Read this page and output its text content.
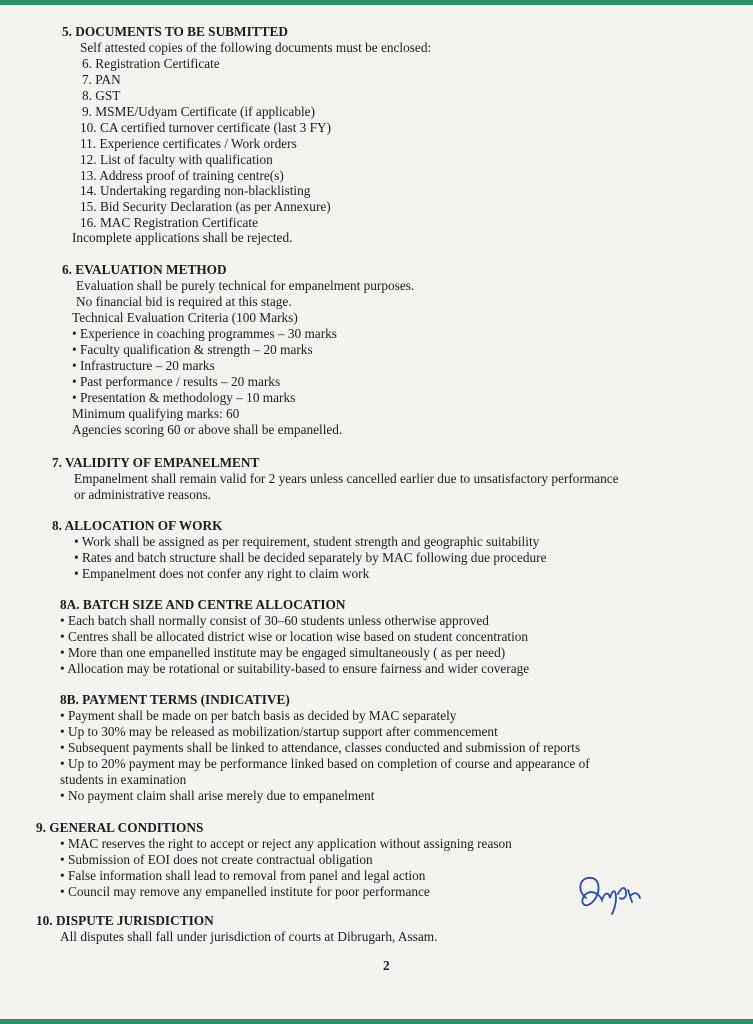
5. DOCUMENTS TO BE SUBMITTED
Self attested copies of the following documents must be enclosed:
6. Registration Certificate
7. PAN
8. GST
9. MSME/Udyam Certificate (if applicable)
10. CA certified turnover certificate (last 3 FY)
11. Experience certificates / Work orders
12. List of faculty with qualification
13. Address proof of training centre(s)
14. Undertaking regarding non-blacklisting
15. Bid Security Declaration (as per Annexure)
16. MAC Registration Certificate
Incomplete applications shall be rejected.
6. EVALUATION METHOD
Evaluation shall be purely technical for empanelment purposes.
No financial bid is required at this stage.
Technical Evaluation Criteria (100 Marks)
• Experience in coaching programmes – 30 marks
• Faculty qualification & strength – 20 marks
• Infrastructure – 20 marks
• Past performance / results – 20 marks
• Presentation & methodology – 10 marks
Minimum qualifying marks: 60
Agencies scoring 60 or above shall be empanelled.
7. VALIDITY OF EMPANELMENT
Empanelment shall remain valid for 2 years unless cancelled earlier due to unsatisfactory performance
or administrative reasons.
8. ALLOCATION OF WORK
• Work shall be assigned as per requirement, student strength and geographic suitability
• Rates and batch structure shall be decided separately by MAC following due procedure
• Empanelment does not confer any right to claim work
8A. BATCH SIZE AND CENTRE ALLOCATION
• Each batch shall normally consist of 30–60 students unless otherwise approved
• Centres shall be allocated district wise or location wise based on student concentration
• More than one empanelled institute may be engaged simultaneously ( as per need)
• Allocation may be rotational or suitability-based to ensure fairness and wider coverage
8B. PAYMENT TERMS (INDICATIVE)
• Payment shall be made on per batch basis as decided by MAC separately
• Up to 30% may be released as mobilization/startup support after commencement
• Subsequent payments shall be linked to attendance, classes conducted and submission of reports
• Up to 20% payment may be performance linked based on completion of course and appearance of
students in examination
• No payment claim shall arise merely due to empanelment
9. GENERAL CONDITIONS
• MAC reserves the right to accept or reject any application without assigning reason
• Submission of EOI does not create contractual obligation
• False information shall lead to removal from panel and legal action
• Council may remove any empanelled institute for poor performance
10. DISPUTE JURISDICTION
All disputes shall fall under jurisdiction of courts at Dibrugarh, Assam.
2
